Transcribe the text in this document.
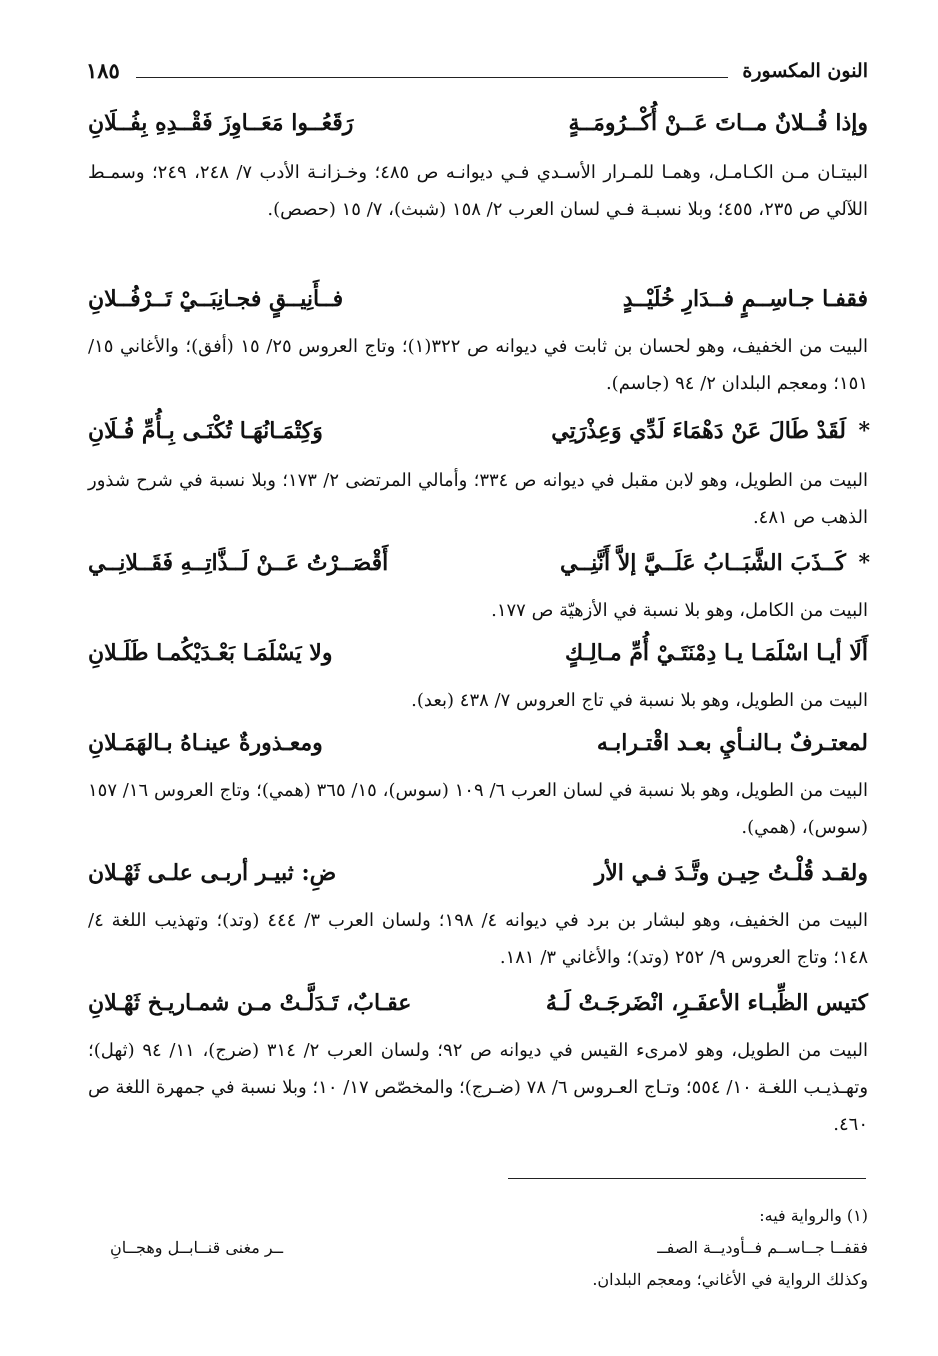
النون المكسورة
١٨٥
وإذا فُــلانٌ مــاتَ عَــنْ أُكْــرُومَــةٍ
رَقَعُــوا مَعَــاوِزَ فَقْــدِهِ بِفُــلَانِ
البيتـان مـن الكـامـل، وهمـا للمـرار الأسـدي فـي ديوانـه ص ٤٨٥؛ وخـزانـة الأدب ٧/ ٢٤٨، ٢٤٩؛ وسمـط اللآلي ص ٢٣٥، ٤٥٥؛ وبلا نسبـة فـي لسان العرب ٢/ ١٥٨ (شبث)، ٧/ ١٥ (حصص).
فقفـا جـاسِــمٍ فــدَارِ خُلَيْــدٍ
فــأَنِيــقٍ فجـانِبَــيْ تَــرْفُــلانِ
البيت من الخفيف، وهو لحسان بن ثابت في ديوانه ص ٣٢٢(١)؛ وتاج العروس ٢٥/ ١٥ (أفق)؛ والأغاني ١٥/ ١٥١؛ ومعجم البلدان ٢/ ٩٤ (جاسم).
*
لَقَدْ طَالَ عَنْ دَهْمَاءَ لَدِّي وَعِذْرَتِي
وَكِتْمَـانُهَـا تُكْنَـى بِـأُمِّ فُـلَانِ
البيت من الطويل، وهو لابن مقبل في ديوانه ص ٣٣٤؛ وأمالي المرتضى ٢/ ١٧٣؛ وبلا نسبة في شرح شذور الذهب ص ٤٨١.
*
كَــذَبَ الشَّبَــابُ عَلَــيَّ إلاَّ أَنَّنِــي
أَقْصَــرْتُ عَــنْ لَــذَّاتِــهِ فَقَــلانِــي
البيت من الكامل، وهو بلا نسبة في الأزهيّة ص ١٧٧.
أَلَا أيـا اسْلَمَـا يـا دِمْنَتَـيْ أُمِّ مـالِـكٍ
ولا يَسْلَمَـا بَعْـدَيْكُمـا طَلَـلانِ
البيت من الطويل، وهو بلا نسبة في تاج العروس ٧/ ٤٣٨ (بعد).
لمعتـرفٌ بـالنـأيِ بعـد اقْتـرابـه
ومعـذورةٌ عينـاهُ بـالهَمَـلانِ
البيت من الطويل، وهو بلا نسبة في لسان العرب ٦/ ١٠٩ (سوس)، ١٥/ ٣٦٥ (همي)؛ وتاج العروس ١٦/ ١٥٧ (سوس)، (همي).
ولقـد قُلْـتُ حِيـن وتَّـدَ فـي الأر
ضِ: ثبيـر أربـى علـى ثَهْـلان
البيت من الخفيف، وهو لبشار بن برد في ديوانه ٤/ ١٩٨؛ ولسان العرب ٣/ ٤٤٤ (وتد)؛ وتهذيب اللغة ٤/ ١٤٨؛ وتاج العروس ٩/ ٢٥٢ (وتد)؛ والأغاني ٣/ ١٨١.
كتيس الظِّبـاء الأعفَـرِ، انْضَرجَـتْ لَـهُ
عقـابٌ، تَـدَلَّـتْ مـن شمـاريـخ ثَهْـلانِ
البيت من الطويل، وهو لامرىء القيس في ديوانه ص ٩٢؛ ولسان العرب ٢/ ٣١٤ (ضرج)، ١١/ ٩٤ (ثهل)؛ وتهـذيـب اللغـة ١٠/ ٥٥٤؛ وتـاج العـروس ٦/ ٧٨ (ضـرج)؛ والمخصّص ١٧/ ١٠؛ وبلا نسبة في جمهرة اللغة ص ٤٦٠.
(١) والرواية فيه:
فقفــا جــاســم فــأوديــة الصفــ
ــر مغنى قنــابــل وهجــانِ
وكذلك الرواية في الأغاني؛ ومعجم البلدان.
